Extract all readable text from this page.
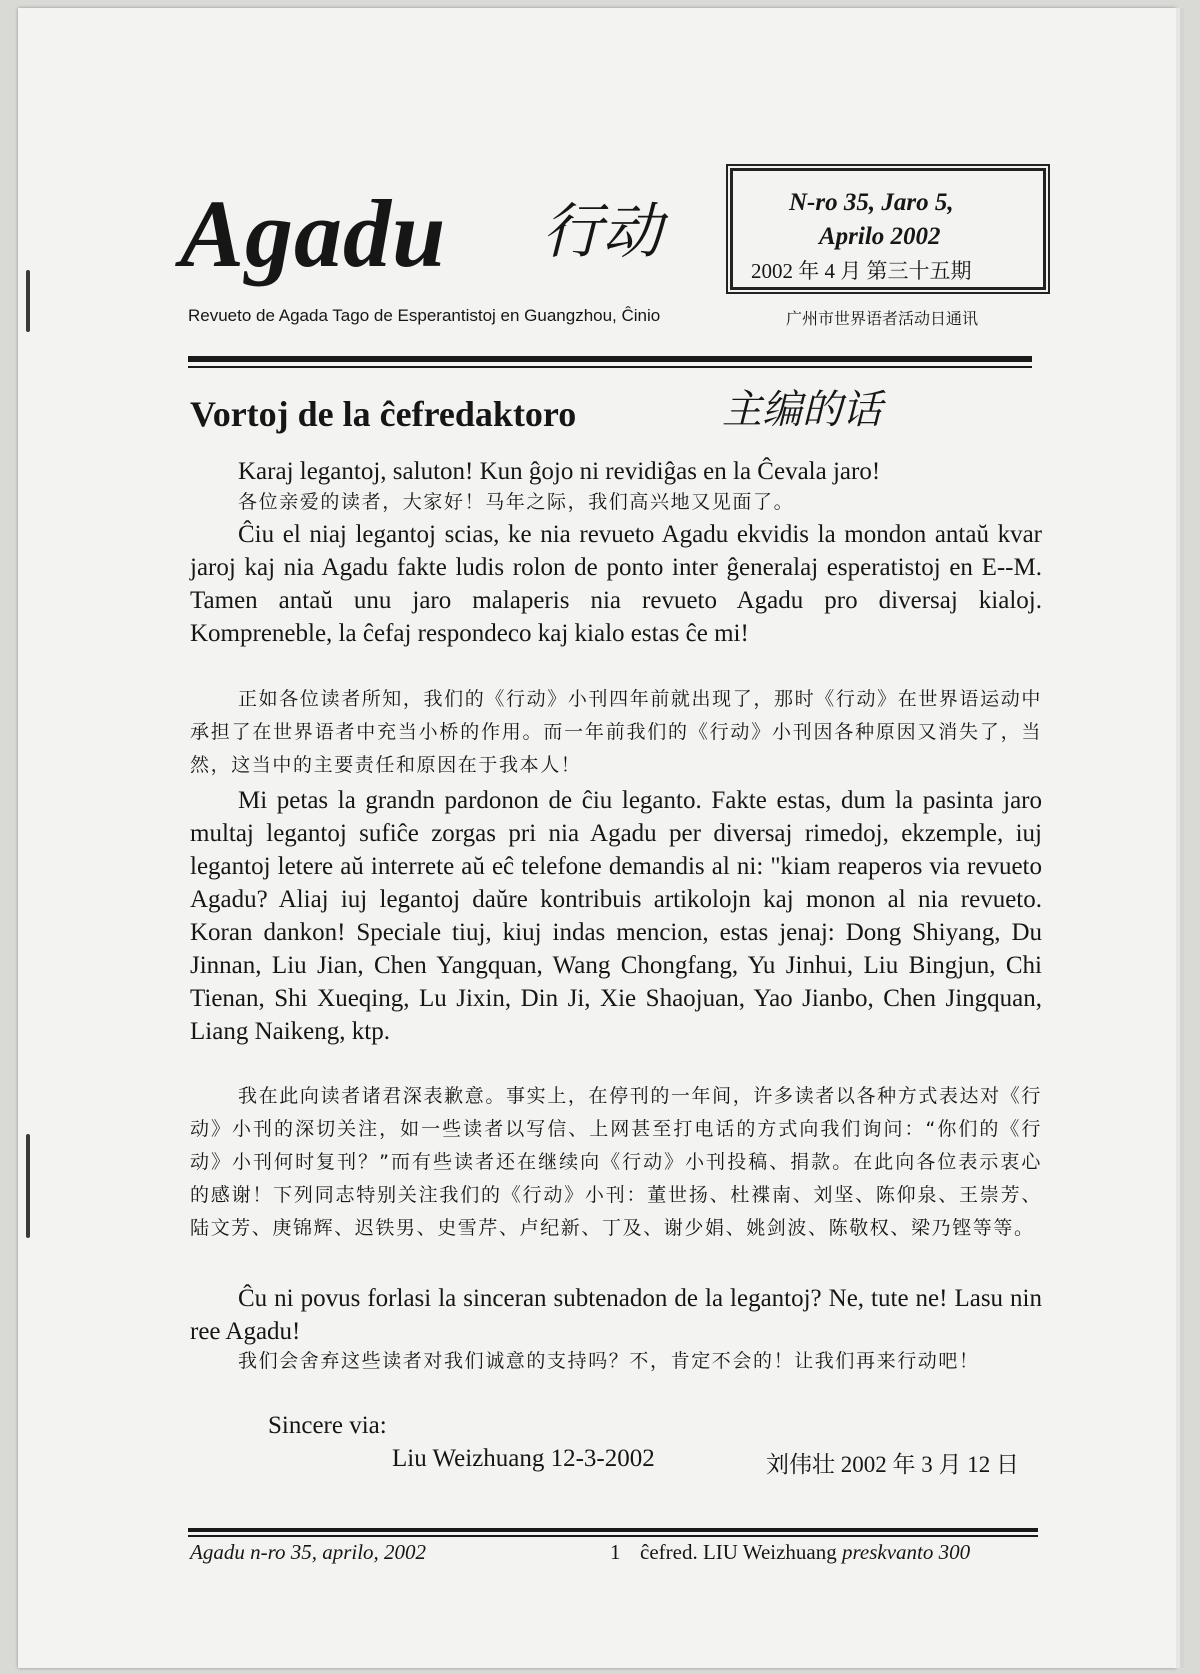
Agadu 行动
Revueto de Agada Tago de Esperantistoj en Guangzhou, Ĉinio	广州市世界语者活动日通讯
N-ro 35, Jaro 5,
Aprilo 2002
2002 年 4 月 第三十五期
Vortoj de la ĉefredaktoro	主编的话
Karaj legantoj, saluton! Kun ĝojo ni revidiĝas en la Ĉevala jaro!
各位亲爱的读者，大家好！马年之际，我们高兴地又见面了。
Ĉiu el niaj legantoj scias, ke nia revueto Agadu ekvidis la mondon antaŭ kvar jaroj kaj nia Agadu fakte ludis rolon de ponto inter ĝeneralaj esperatistoj en E--M. Tamen antaŭ unu jaro malaperis nia revueto Agadu pro diversaj kialoj. Kompreneble, la ĉefaj respondeco kaj kialo estas ĉe mi!
正如各位读者所知，我们的《行动》小刊四年前就出现了，那时《行动》在世界语运动中承担了在世界语者中充当小桥的作用。而一年前我们的《行动》小刊因各种原因又消失了，当然，这当中的主要责任和原因在于我本人！
Mi petas la grandn pardonon de ĉiu leganto. Fakte estas, dum la pasinta jaro multaj legantoj sufiĉe zorgas pri nia Agadu per diversaj rimedoj, ekzemple, iuj legantoj letere aŭ interrete aŭ eĉ telefone demandis al ni: "kiam reaperos via revueto Agadu? Aliaj iuj legantoj daŭre kontribuis artikolojn kaj monon al nia revueto. Koran dankon! Speciale tiuj, kiuj indas mencion, estas jenaj: Dong Shiyang, Du Jinnan, Liu Jian, Chen Yangquan, Wang Chongfang, Yu Jinhui, Liu Bingjun, Chi Tienan, Shi Xueqing, Lu Jixin, Din Ji, Xie Shaojuan, Yao Jianbo, Chen Jingquan, Liang Naikeng, ktp.
我在此向读者诸君深表歉意。事实上，在停刊的一年间，许多读者以各种方式表达对《行动》小刊的深切关注，如一些读者以写信、上网甚至打电话的方式向我们询问：“你们的《行动》小刊何时复刊？”而有些读者还在继续向《行动》小刊投稿、捐款。在此向各位表示衷心的感谢！下列同志特别关注我们的《行动》小刊：董世扬、杜褋南、刘坚、陈仰泉、王崇芳、陆文芳、庚锦辉、迟铁男、史雪芹、卢纪新、丁及、谢少娟、姚剑波、陈敬权、梁乃铿等等。
Ĉu ni povus forlasi la sinceran subtenadon de la legantoj? Ne, tute ne! Lasu nin ree Agadu!
我们会舍弃这些读者对我们诚意的支持吗？不，肯定不会的！让我们再来行动吧！
Sincere via:
Liu Weizhuang 12-3-2002	刘伟壮 2002 年 3 月 12 日
Agadu n-ro 35, aprilo, 2002	1 ĉefred. LIU Weizhuang preskvanto 300
